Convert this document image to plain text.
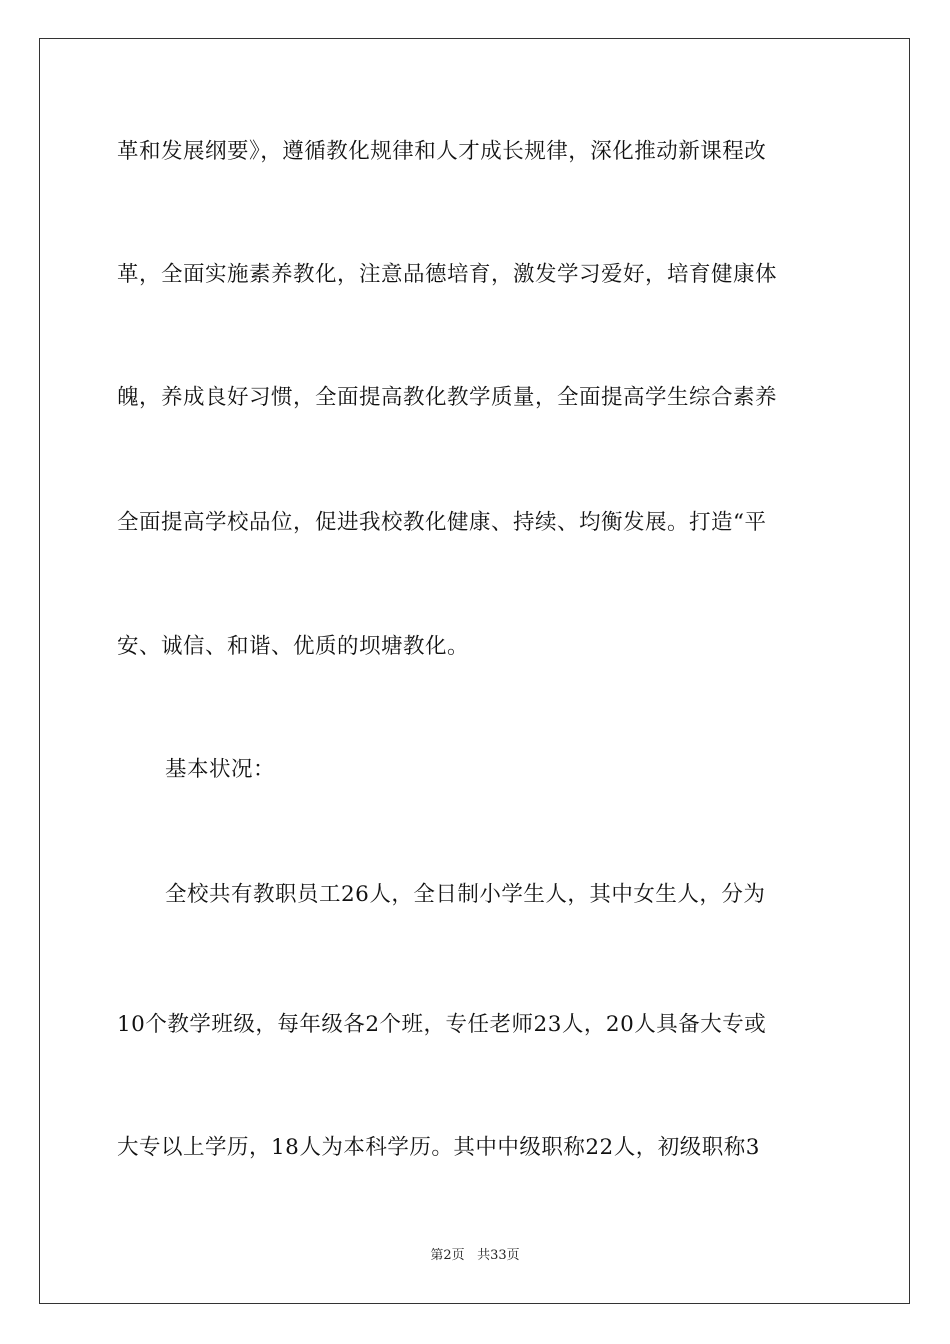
革和发展纲要》，遵循教化规律和人才成长规律，深化推动新课程改
革，全面实施素养教化，注意品德培育，激发学习爱好，培育健康体
魄，养成良好习惯，全面提高教化教学质量，全面提高学生综合素养
全面提高学校品位，促进我校教化健康、持续、均衡发展。打造“平
安、诚信、和谐、优质的坝塘教化。
基本状况：
全校共有教职员工26人，全日制小学生人，其中女生人，分为
10个教学班级，每年级各2个班，专任老师23人，20人具备大专或
大专以上学历，18人为本科学历。其中中级职称22人，初级职称3
第2页 共33页
